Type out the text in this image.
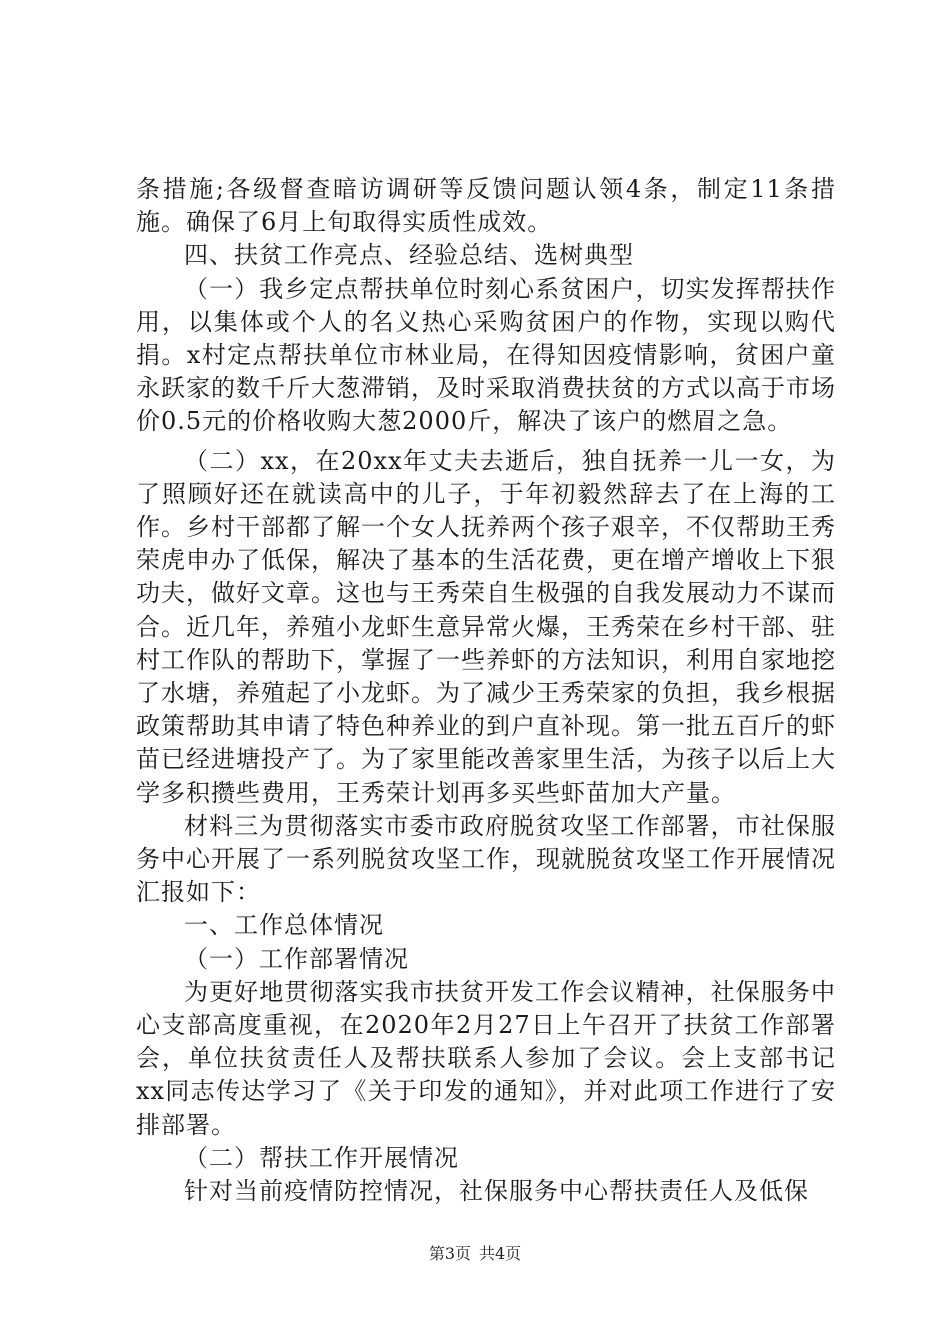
条措施;各级督查暗访调研等反馈问题认领4条，制定11条措施。确保了6月上旬取得实质性成效。

四、扶贫工作亮点、经验总结、选树典型

（一）我乡定点帮扶单位时刻心系贫困户，切实发挥帮扶作用，以集体或个人的名义热心采购贫困户的作物，实现以购代捐。x村定点帮扶单位市林业局，在得知因疫情影响，贫困户童永跃家的数千斤大葱滞销，及时采取消费扶贫的方式以高于市场价0.5元的价格收购大葱2000斤，解决了该户的燃眉之急。

（二）xx，在20xx年丈夫去逝后，独自抚养一儿一女，为了照顾好还在就读高中的儿子，于年初毅然辞去了在上海的工作。乡村干部都了解一个女人抚养两个孩子艰辛，不仅帮助王秀荣虎申办了低保，解决了基本的生活花费，更在增产增收上下狠功夫，做好文章。这也与王秀荣自生极强的自我发展动力不谋而合。近几年，养殖小龙虾生意异常火爆，王秀荣在乡村干部、驻村工作队的帮助下，掌握了一些养虾的方法知识，利用自家地挖了水塘，养殖起了小龙虾。为了减少王秀荣家的负担，我乡根据政策帮助其申请了特色种养业的到户直补现。第一批五百斤的虾苗已经进塘投产了。为了家里能改善家里生活，为孩子以后上大学多积攒些费用，王秀荣计划再多买些虾苗加大产量。

材料三为贯彻落实市委市政府脱贫攻坚工作部署，市社保服务中心开展了一系列脱贫攻坚工作，现就脱贫攻坚工作开展情况汇报如下：

一、工作总体情况

（一）工作部署情况

为更好地贯彻落实我市扶贫开发工作会议精神，社保服务中心支部高度重视，在2020年2月27日上午召开了扶贫工作部署会，单位扶贫责任人及帮扶联系人参加了会议。会上支部书记xx同志传达学习了《关于印发的通知》，并对此项工作进行了安排部署。

（二）帮扶工作开展情况

针对当前疫情防控情况，社保服务中心帮扶责任人及低保

第3页 共4页
